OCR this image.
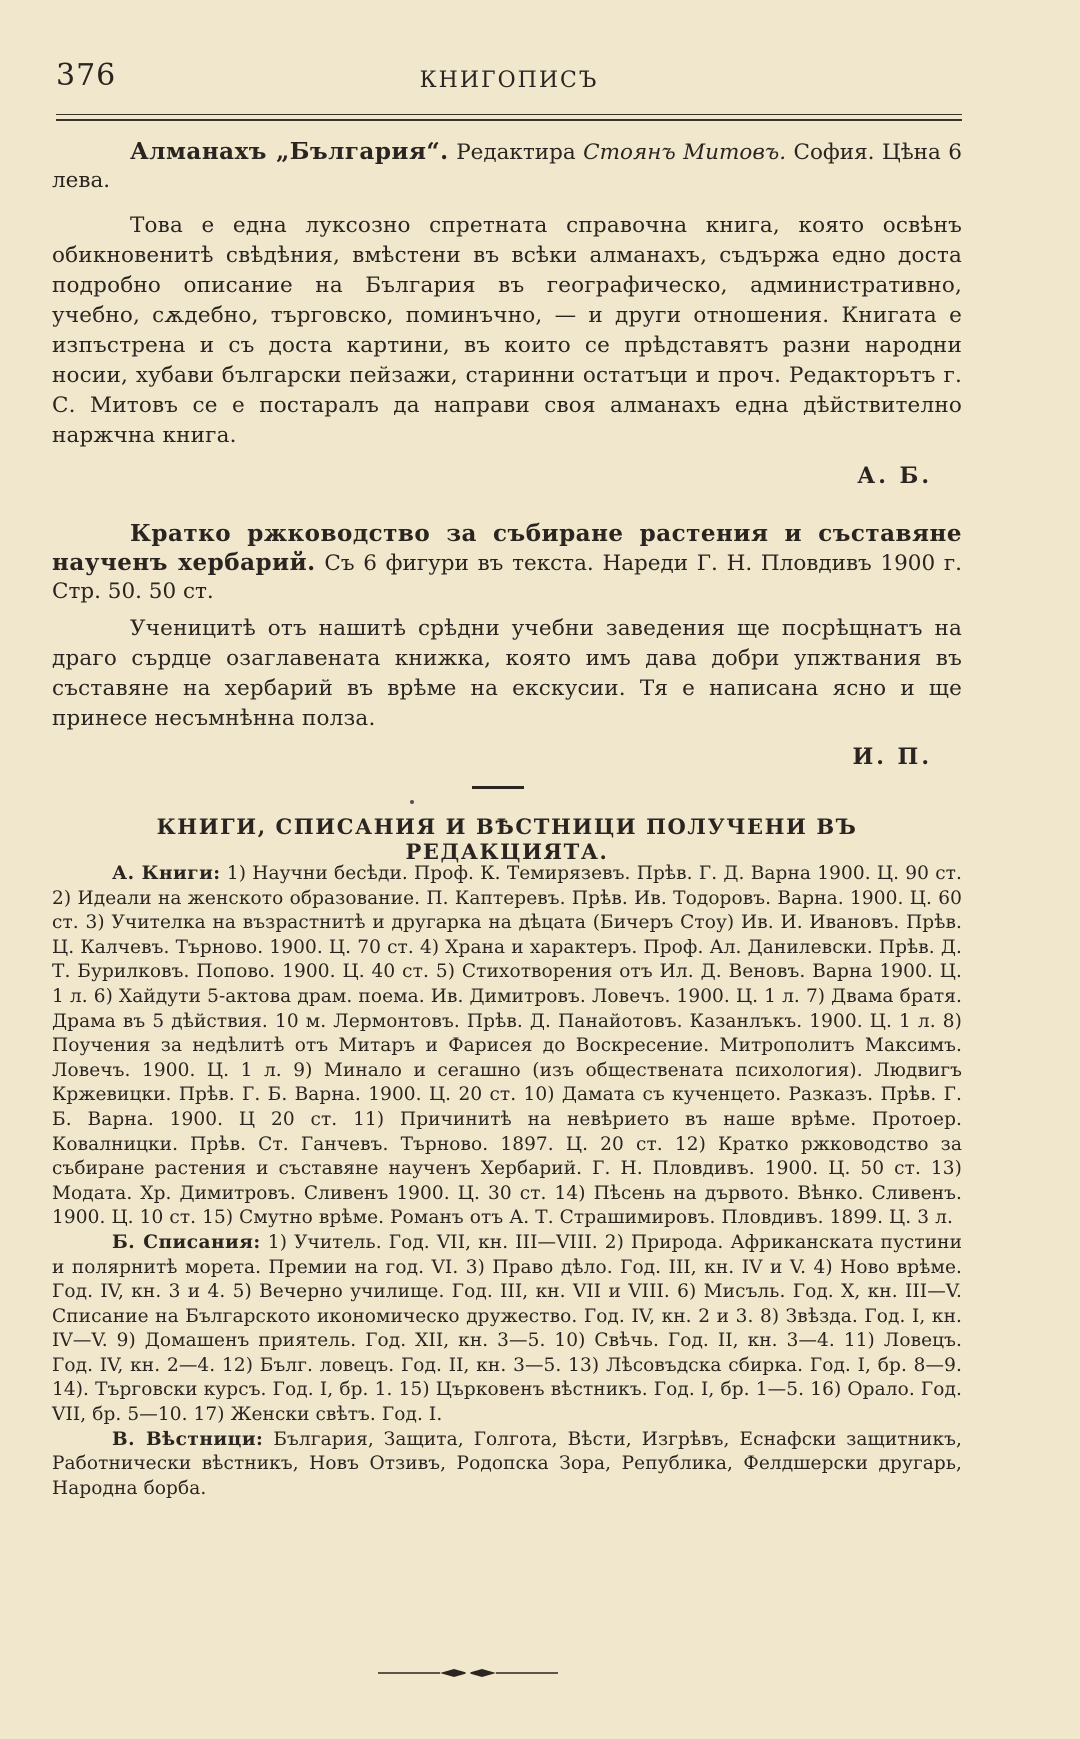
376	КНИГОПИСЪ

Алманахъ „България“. Редактира Стоянъ Митовъ. София. Цѣна 6 лева.

Това е една луксозно спретната справочна книга, която освѣнъ обикновенитѣ свѣдѣния, вмѣстени въ всѣки алманахъ, съдържа едно доста подробно описание на България въ географическо, административно, учебно, сѫдебно, търговско, поминъчно, — и други отношения. Книгата е изпъстрена и съ доста картини, въ които се прѣдставятъ разни народни носии, хубави български пейзажи, старинни остатъци и проч. Редакторътъ г. С. Митовъ се е постаралъ да направи своя алманахъ една дѣйствително наржчна книга.

А. Б.

Кратко ржководство за събиране растения и съставяне наученъ хербарий. Съ 6 фигури въ текста. Нареди Г. Н. Пловдивъ 1900 г. Стр. 50. 50 ст.

Ученицитѣ отъ нашитѣ срѣдни учебни заведения ще посрѣщнатъ на драго сърдце озаглавената книжка, която имъ дава добри упжтвания въ съставяне на хербарий въ врѣме на екскусии. Тя е написана ясно и ще принесе несъмнѣнна полза.

И. П.

КНИГИ, СПИСАНИЯ И ВѢСТНИЦИ ПОЛУЧЕНИ ВЪ РЕДАКЦИЯТА.

А. Книги: 1) Научни бесѣди. Проф. К. Темирязевъ. Прѣв. Г. Д. Варна 1900. Ц. 90 ст. 2) Идеали на женското образование. П. Каптеревъ. Прѣв. Ив. Тодоровъ. Варна. 1900. Ц. 60 ст. 3) Учителка на възрастнитѣ и другарка на дѣцата (Бичеръ Стоу) Ив. И. Ивановъ. Прѣв. Ц. Калчевъ. Търново. 1900. Ц. 70 ст. 4) Храна и характеръ. Проф. Ал. Данилевски. Прѣв. Д. Т. Бурилковъ. Попово. 1900. Ц. 40 ст. 5) Стихотворения отъ Ил. Д. Веновъ. Варна 1900. Ц. 1 л. 6) Хайдути 5-актова драм. поема. Ив. Димитровъ. Ловечъ. 1900. Ц. 1 л. 7) Двама братя. Драма въ 5 дѣйствия. 10 м. Лермонтовъ. Прѣв. Д. Панайотовъ. Казанлъкъ. 1900. Ц. 1 л. 8) Поучения за недѣлитѣ отъ Митаръ и Фарисея до Воскресение. Митрополитъ Максимъ. Ловечъ. 1900. Ц. 1 л. 9) Минало и сегашно (изъ обществената психология). Людвигъ Кржевицки. Прѣв. Г. Б. Варна. 1900. Ц. 20 ст. 10) Дамата съ кученцето. Разказъ. Прѣв. Г. Б. Варна. 1900. Ц 20 ст. 11) Причинитѣ на невѣрието въ наше врѣме. Протоер. Ковалницки. Прѣв. Ст. Ганчевъ. Търново. 1897. Ц. 20 ст. 12) Кратко ржководство за събиране растения и съставяне наученъ Хербарий. Г. Н. Пловдивъ. 1900. Ц. 50 ст. 13) Модата. Хр. Димитровъ. Сливенъ 1900. Ц. 30 ст. 14) Пѣсень на дървото. Вѣнко. Сливенъ. 1900. Ц. 10 ст. 15) Смутно врѣме. Романъ отъ А. Т. Страшимировъ. Пловдивъ. 1899. Ц. 3 л.

Б. Списания: 1) Учитель. Год. VII, кн. III—VIII. 2) Природа. Африканската пустини и полярнитѣ морета. Премии на год. VI. 3) Право дѣло. Год. III, кн. IV и V. 4) Ново врѣме. Год. IV, кн. 3 и 4. 5) Вечерно училище. Год. III, кн. VII и VIII. 6) Мисъль. Год. X, кн. III—V. Списание на Българското икономическо дружество. Год. IV, кн. 2 и 3. 8) Звѣзда. Год. I, кн. IV—V. 9) Домашенъ приятель. Год. XII, кн. 3—5. 10) Свѣчь. Год. II, кн. 3—4. 11) Ловецъ. Год. IV, кн. 2—4. 12) Бълг. ловецъ. Год. II, кн. 3—5. 13) Лѣсовъдска сбирка. Год. I, бр. 8—9. 14). Търговски курсъ. Год. I, бр. 1. 15) Църковенъ вѣстникъ. Год. I, бр. 1—5. 16) Орало. Год. VII, бр. 5—10. 17) Женски свѣтъ. Год. I.

В. Вѣстници: България, Защита, Голгота, Вѣсти, Изгрѣвъ, Еснафски защитникъ, Работнически вѣстникъ, Новъ Отзивъ, Родопска Зора, Република, Фелдшерски другарь, Народна борба.
